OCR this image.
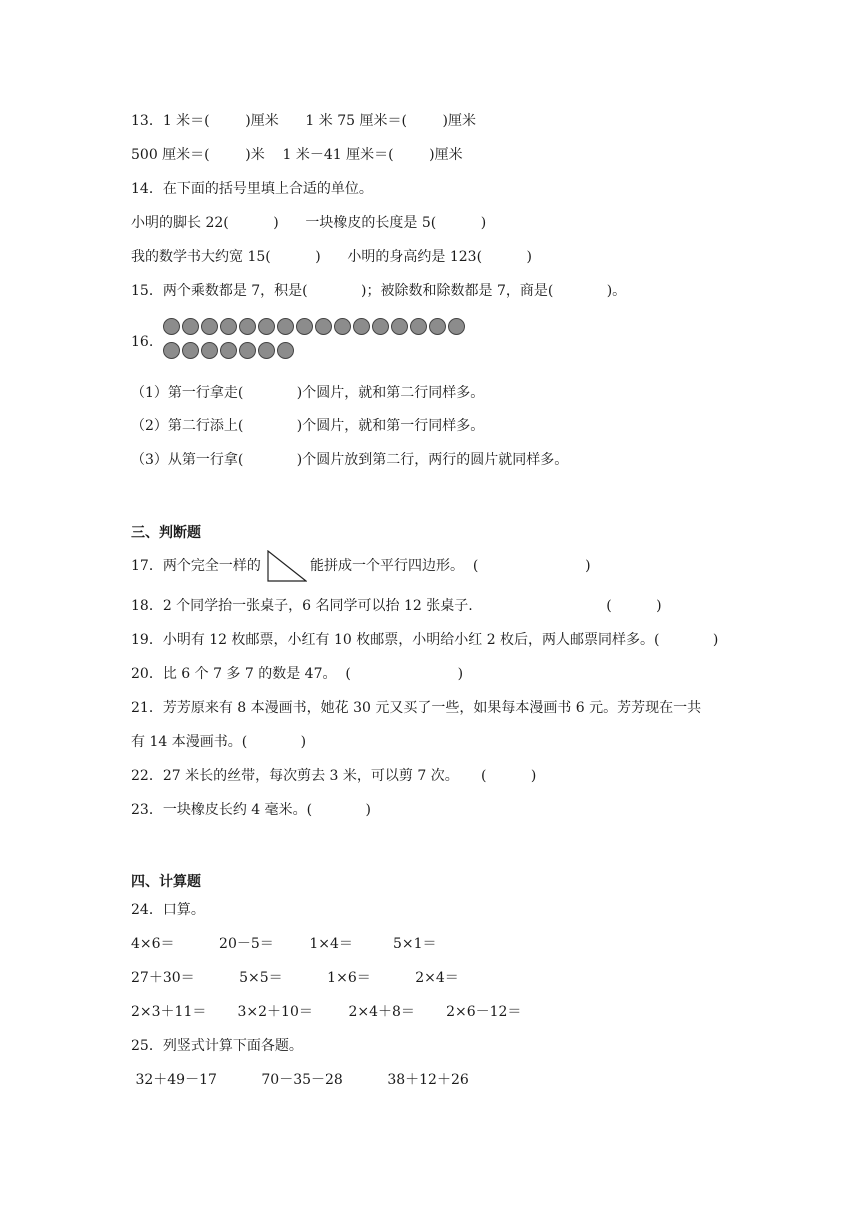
13．1 米＝(        )厘米      1 米 75 厘米＝(        )厘米
500 厘米＝(        )米    1 米－41 厘米＝(        )厘米
14．在下面的括号里填上合适的单位。
小明的脚长 22(          )      一块橡皮的长度是 5(          )
我的数学书大约宽 15(          )      小明的身高约是 123(          )
15．两个乘数都是 7，积是(            )；被除数和除数都是 7，商是(            )。
16.
（1）第一行拿走(            )个圆片，就和第二行同样多。
（2）第二行添上(            )个圆片，就和第一行同样多。
（3）从第一行拿(            )个圆片放到第二行，两行的圆片就同样多。
三、判断题
17．两个完全一样的	能拼成一个平行四边形。  (                        )
18．2 个同学抬一张桌子，6 名同学可以抬 12 张桌子.                              (          )
19．小明有 12 枚邮票，小红有 10 枚邮票，小明给小红 2 枚后，两人邮票同样多。(            )
20．比 6 个 7 多 7 的数是 47。  (                        )
21．芳芳原来有 8 本漫画书，她花 30 元又买了一些，如果每本漫画书 6 元。芳芳现在一共
有 14 本漫画书。(            )
22．27 米长的丝带，每次剪去 3 米，可以剪 7 次。     (          )
23．一块橡皮长约 4 毫米。(            )
四、计算题
24．口算。
4×6＝          20－5＝        1×4＝         5×1＝
27＋30＝          5×5＝          1×6＝          2×4＝
2×3＋11＝       3×2＋10＝        2×4＋8＝       2×6－12＝
25．列竖式计算下面各题。
32＋49－17          70－35－28          38＋12＋26
